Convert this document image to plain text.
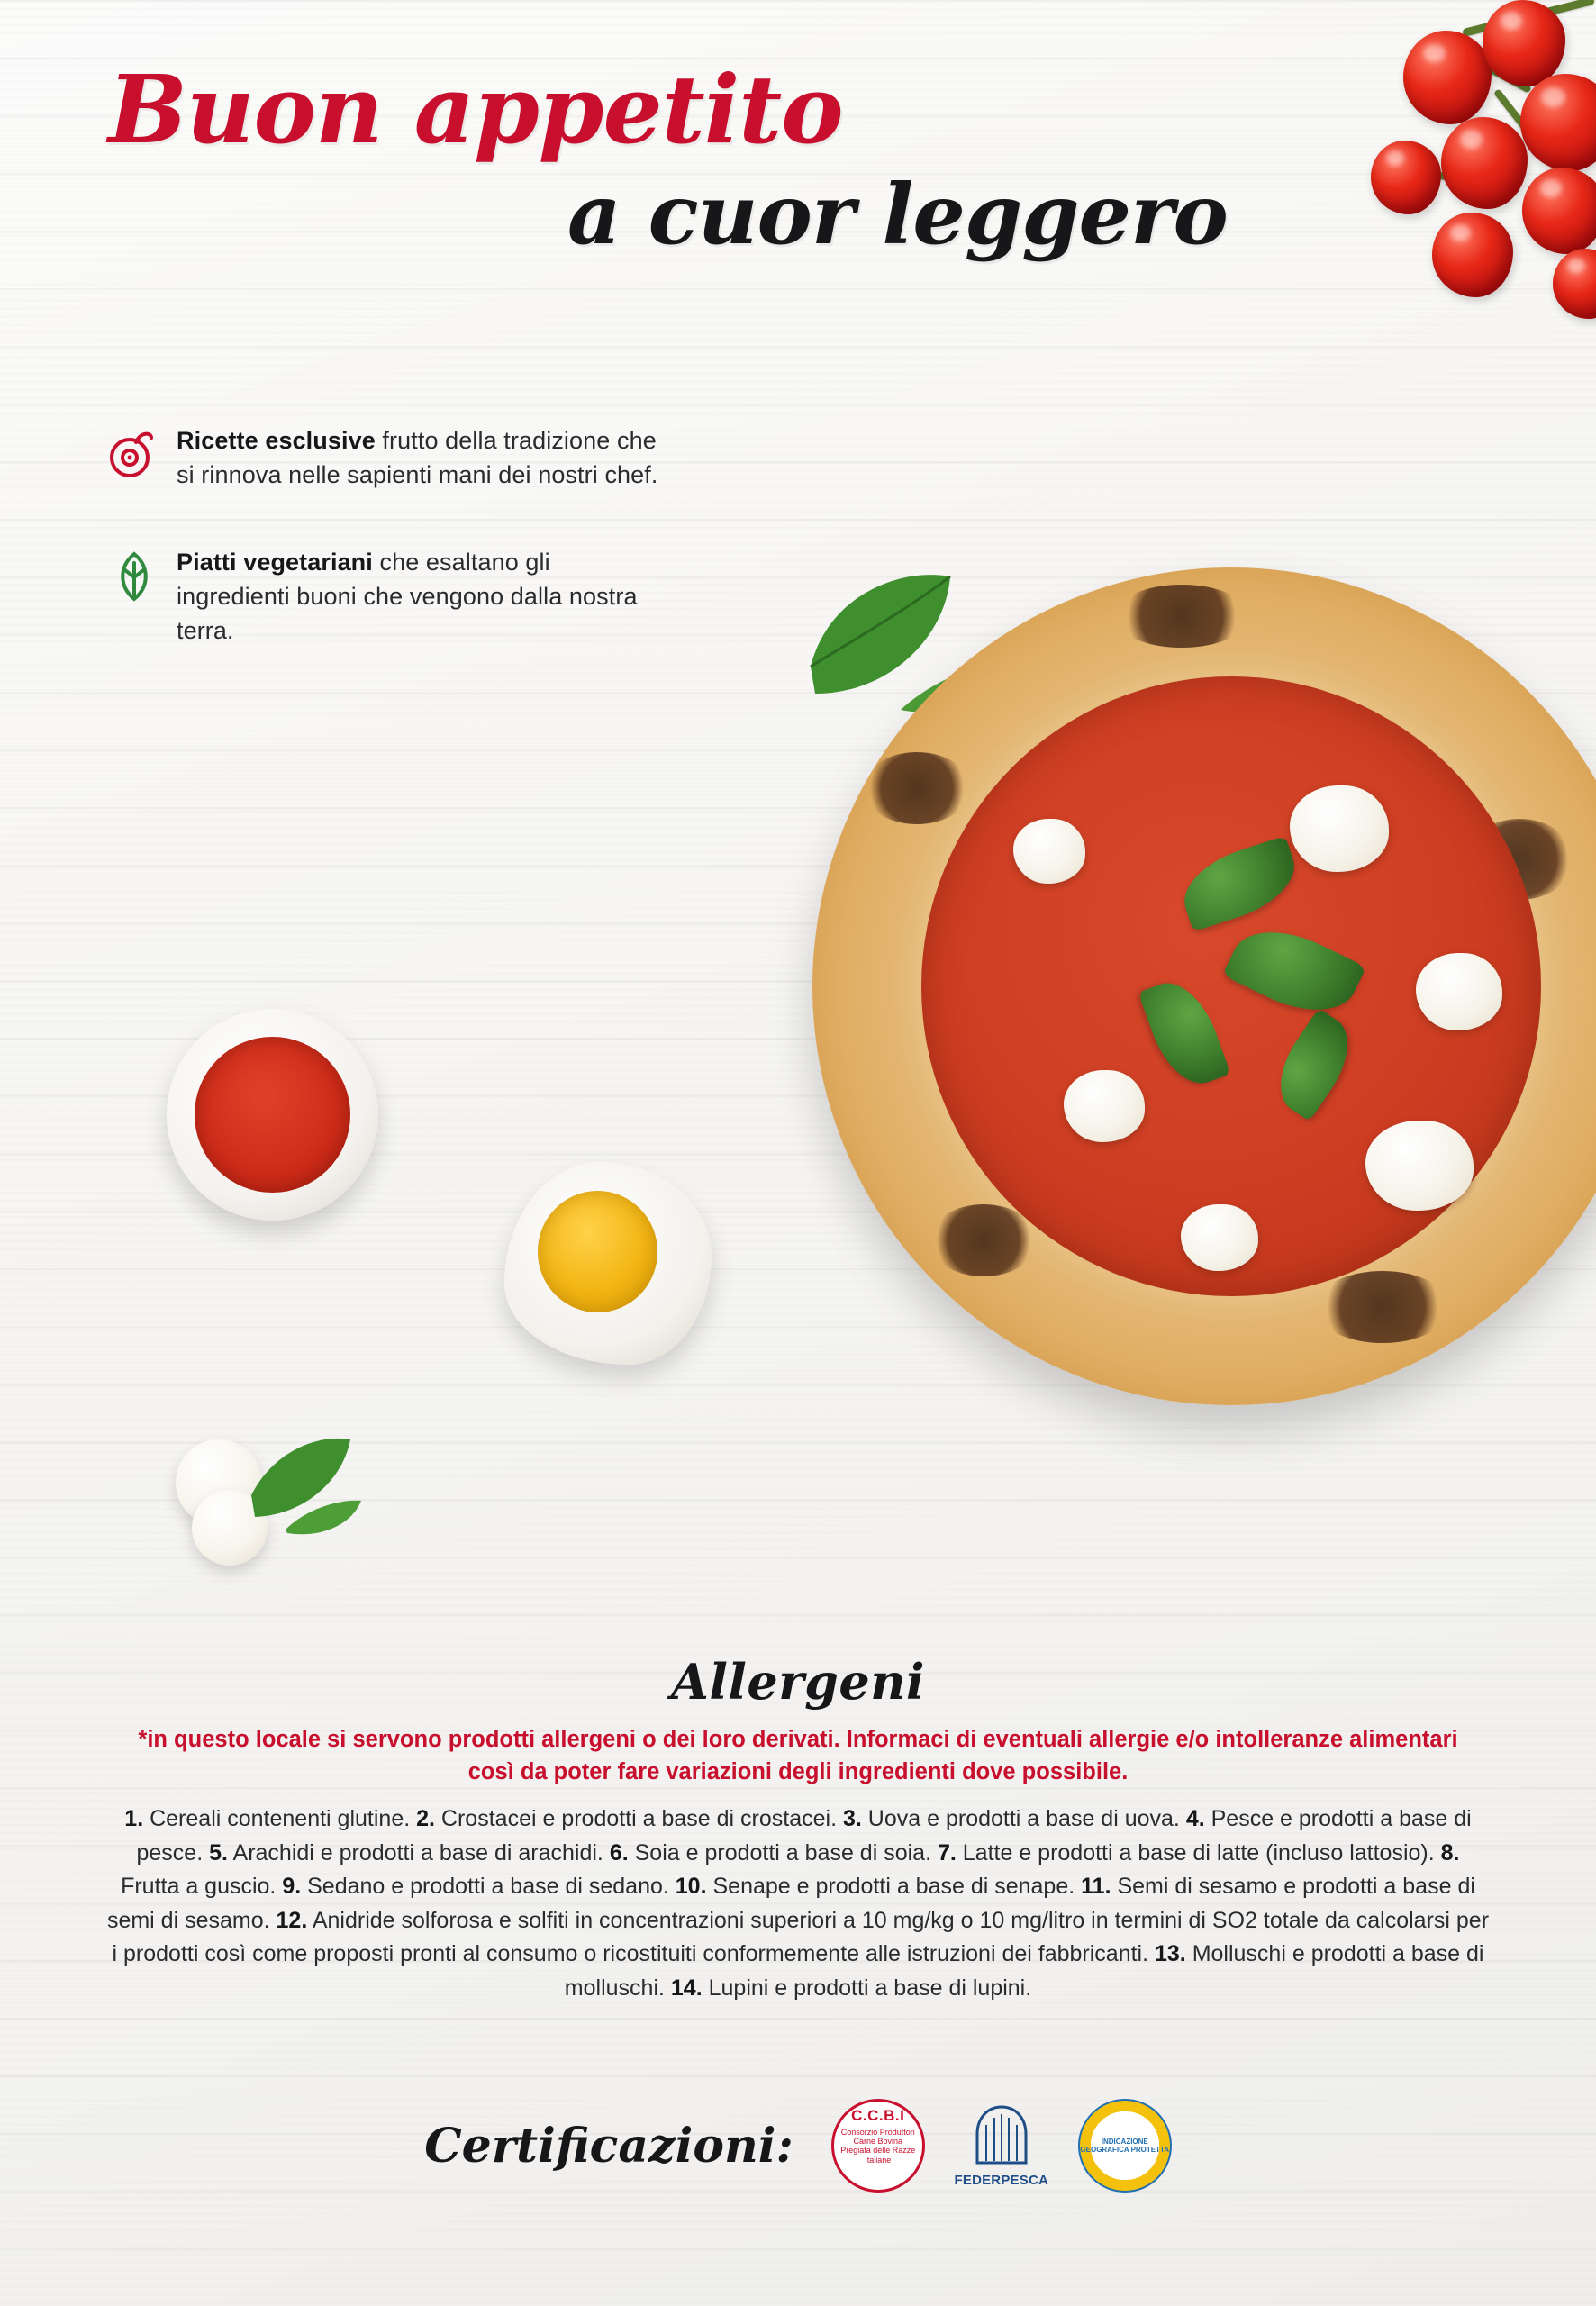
Buon appetito
a cuor leggero
Ricette esclusive frutto della tradizione che si rinnova nelle sapienti mani dei nostri chef.
Piatti vegetariani che esaltano gli ingredienti buoni che vengono dalla nostra terra.
Allergeni
*in questo locale si servono prodotti allergeni o dei loro derivati. Informaci di eventuali allergie e/o intolleranze alimentari così da poter fare variazioni degli ingredienti dove possibile.
1. Cereali contenenti glutine. 2. Crostacei e prodotti a base di crostacei. 3. Uova e prodotti a base di uova. 4. Pesce e prodotti a base di pesce. 5. Arachidi e prodotti a base di arachidi. 6. Soia e prodotti a base di soia. 7. Latte e prodotti a base di latte (incluso lattosio). 8. Frutta a guscio. 9. Sedano e prodotti a base di sedano. 10. Senape e prodotti a base di senape. 11. Semi di sesamo e prodotti a base di semi di sesamo. 12. Anidride solforosa e solfiti in concentrazioni superiori a 10 mg/kg o 10 mg/litro in termini di SO2 totale da calcolarsi per i prodotti così come proposti pronti al consumo o ricostituiti conformemente alle istruzioni dei fabbricanti. 13. Molluschi e prodotti a base di molluschi. 14. Lupini e prodotti a base di lupini.
Certificazioni:
C.C.B.I
Consorzio Produttori Carne Bovina Pregiata delle Razze Italiane
FEDERPESCA
INDICAZIONE GEOGRAFICA PROTETTA
